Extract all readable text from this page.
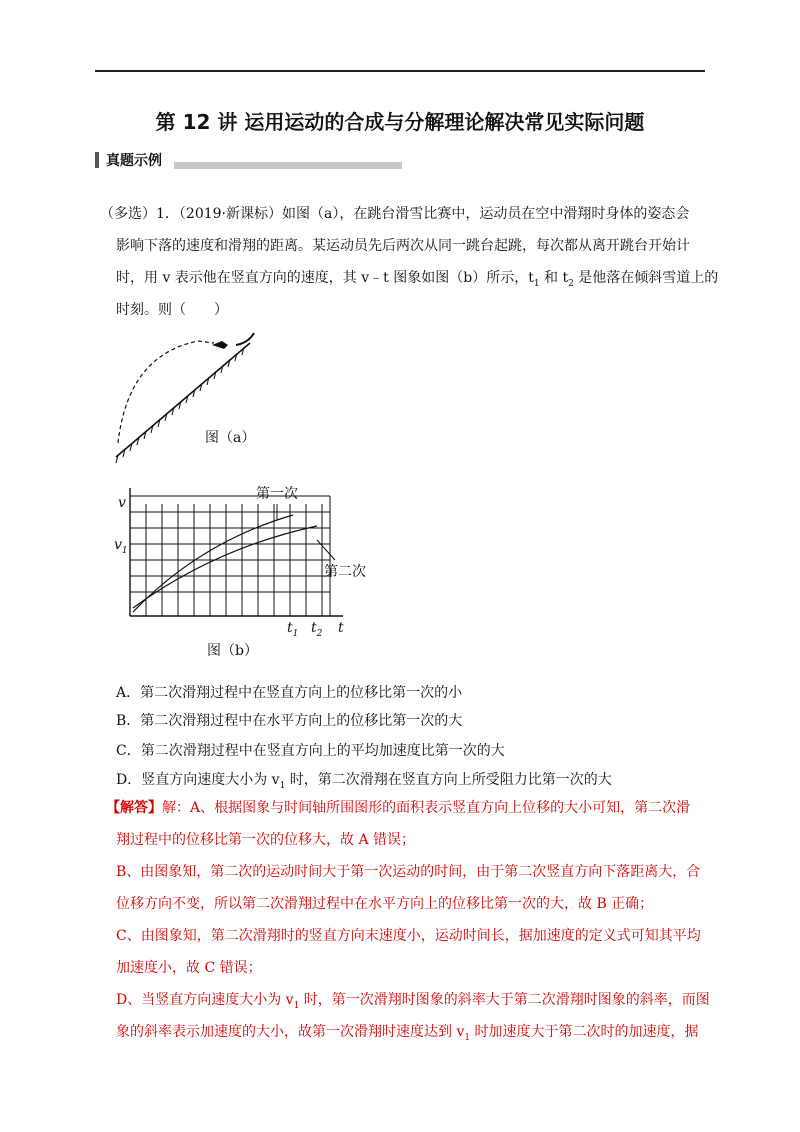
第 12 讲 运用运动的合成与分解理论解决常见实际问题
真题示例
（多选）1．（2019·新课标）如图（a），在跳台滑雪比赛中，运动员在空中滑翔时身体的姿态会
影响下落的速度和滑翔的距离。某运动员先后两次从同一跳台起跳，每次都从离开跳台开始计
时，用 v 表示他在竖直方向的速度，其 v﹣t 图象如图（b）所示，$t_1$ 和 $t_2$ 是他落在倾斜雪道上的
时刻。则（　　）
图（a）
v
$v_1$
第一次
第二次
$t_1$ $t_2$ t
图（b）
A．第二次滑翔过程中在竖直方向上的位移比第一次的小
B．第二次滑翔过程中在水平方向上的位移比第一次的大
C．第二次滑翔过程中在竖直方向上的平均加速度比第一次的大
D．竖直方向速度大小为 $v_1$ 时，第二次滑翔在竖直方向上所受阻力比第一次的大
【解答】解：A、根据图象与时间轴所围图形的面积表示竖直方向上位移的大小可知，第二次滑
翔过程中的位移比第一次的位移大，故 A 错误；
B、由图象知，第二次的运动时间大于第一次运动的时间，由于第二次竖直方向下落距离大，合
位移方向不变，所以第二次滑翔过程中在水平方向上的位移比第一次的大，故 B 正确；
C、由图象知，第二次滑翔时的竖直方向末速度小，运动时间长，据加速度的定义式可知其平均
加速度小，故 C 错误；
D、当竖直方向速度大小为 $v_1$ 时，第一次滑翔时图象的斜率大于第二次滑翔时图象的斜率，而图
象的斜率表示加速度的大小，故第一次滑翔时速度达到 $v_1$ 时加速度大于第二次时的加速度，据
